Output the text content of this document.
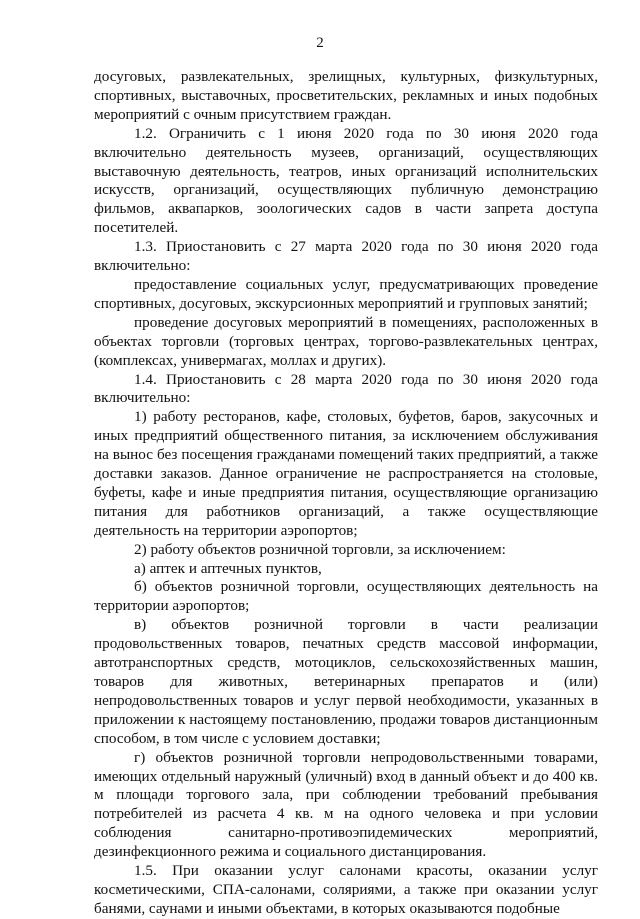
2

досуговых, развлекательных, зрелищных, культурных, физкультурных, спортивных, выставочных, просветительских, рекламных и иных подобных мероприятий с очным присутствием граждан.

1.2. Ограничить с 1 июня 2020 года по 30 июня 2020 года включительно деятельность музеев, организаций, осуществляющих выставочную деятельность, театров, иных организаций исполнительских искусств, организаций, осуществляющих публичную демонстрацию фильмов, аквапарков, зоологических садов в части запрета доступа посетителей.

1.3. Приостановить с 27 марта 2020 года по 30 июня 2020 года включительно:

предоставление социальных услуг, предусматривающих проведение спортивных, досуговых, экскурсионных мероприятий и групповых занятий;

проведение досуговых мероприятий в помещениях, расположенных в объектах торговли (торговых центрах, торгово-развлекательных центрах, (комплексах, универмагах, моллах и других).

1.4. Приостановить с 28 марта 2020 года по 30 июня 2020 года включительно:

1) работу ресторанов, кафе, столовых, буфетов, баров, закусочных и иных предприятий общественного питания, за исключением обслуживания на вынос без посещения гражданами помещений таких предприятий, а также доставки заказов. Данное ограничение не распространяется на столовые, буфеты, кафе и иные предприятия питания, осуществляющие организацию питания для работников организаций, а также осуществляющие деятельность на территории аэропортов;

2) работу объектов розничной торговли, за исключением:

а) аптек и аптечных пунктов,

б) объектов розничной торговли, осуществляющих деятельность на территории аэропортов;

в) объектов розничной торговли в части реализации продовольственных товаров, печатных средств массовой информации, автотранспортных средств, мотоциклов, сельскохозяйственных машин, товаров для животных, ветеринарных препаратов и (или) непродовольственных товаров и услуг первой необходимости, указанных в приложении к настоящему постановлению, продажи товаров дистанционным способом, в том числе с условием доставки;

г) объектов розничной торговли непродовольственными товарами, имеющих отдельный наружный (уличный) вход в данный объект и до 400 кв. м площади торгового зала, при соблюдении требований пребывания потребителей из расчета 4 кв. м на одного человека и при условии соблюдения санитарно-противоэпидемических мероприятий, дезинфекционного режима и социального дистанцирования.

1.5. При оказании услуг салонами красоты, оказании услуг косметическими, СПА-салонами, соляриями, а также при оказании услуг банями, саунами и иными объектами, в которых оказываются подобные
